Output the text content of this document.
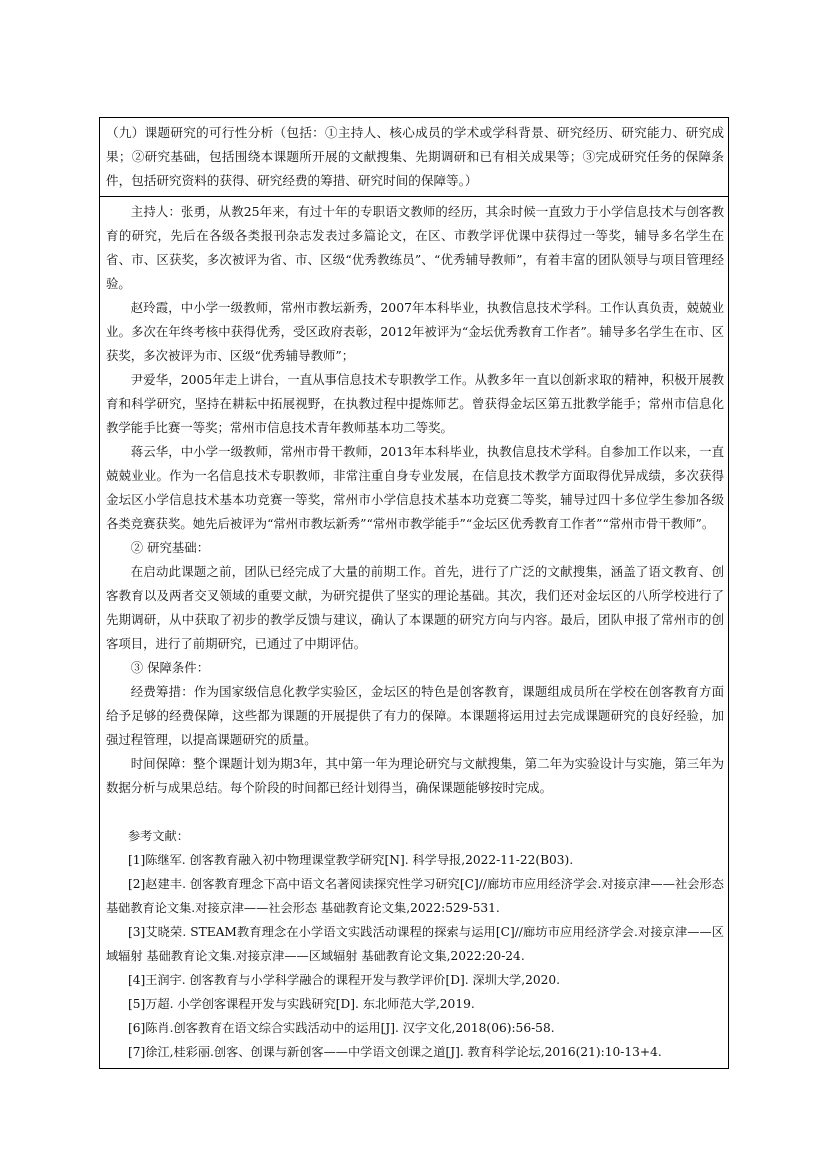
（九）课题研究的可行性分析（包括：①主持人、核心成员的学术或学科背景、研究经历、研究能力、研究成果；②研究基础，包括围绕本课题所开展的文献搜集、先期调研和已有相关成果等；③完成研究任务的保障条件，包括研究资料的获得、研究经费的筹措、研究时间的保障等。）

主持人：张勇，从教25年来，有过十年的专职语文教师的经历，其余时候一直致力于小学信息技术与创客教育的研究，先后在各级各类报刊杂志发表过多篇论文，在区、市教学评优课中获得过一等奖，辅导多名学生在省、市、区获奖，多次被评为省、市、区级“优秀教练员”、“优秀辅导教师”，有着丰富的团队领导与项目管理经验。

赵玲霞，中小学一级教师，常州市教坛新秀，2007年本科毕业，执教信息技术学科。工作认真负责，兢兢业业。多次在年终考核中获得优秀，受区政府表彰，2012年被评为“金坛优秀教育工作者”。辅导多名学生在市、区获奖，多次被评为市、区级“优秀辅导教师”；

尹爱华，2005年走上讲台，一直从事信息技术专职教学工作。从教多年一直以创新求取的精神，积极开展教育和科学研究，坚持在耕耘中拓展视野，在执教过程中提炼师艺。曾获得金坛区第五批教学能手；常州市信息化教学能手比赛一等奖；常州市信息技术青年教师基本功二等奖。

蒋云华，中小学一级教师，常州市骨干教师，2013年本科毕业，执教信息技术学科。自参加工作以来，一直兢兢业业。作为一名信息技术专职教师，非常注重自身专业发展，在信息技术教学方面取得优异成绩，多次获得金坛区小学信息技术基本功竞赛一等奖，常州市小学信息技术基本功竞赛二等奖，辅导过四十多位学生参加各级各类竞赛获奖。她先后被评为“常州市教坛新秀”“常州市教学能手”“金坛区优秀教育工作者”“常州市骨干教师”。

② 研究基础：

在启动此课题之前，团队已经完成了大量的前期工作。首先，进行了广泛的文献搜集，涵盖了语文教育、创客教育以及两者交叉领域的重要文献，为研究提供了坚实的理论基础。其次，我们还对金坛区的八所学校进行了先期调研，从中获取了初步的教学反馈与建议，确认了本课题的研究方向与内容。最后，团队申报了常州市的创客项目，进行了前期研究，已通过了中期评估。

③ 保障条件：

经费筹措：作为国家级信息化教学实验区，金坛区的特色是创客教育，课题组成员所在学校在创客教育方面给予足够的经费保障，这些都为课题的开展提供了有力的保障。本课题将运用过去完成课题研究的良好经验，加强过程管理，以提高课题研究的质量。

时间保障：整个课题计划为期3年，其中第一年为理论研究与文献搜集，第二年为实验设计与实施，第三年为数据分析与成果总结。每个阶段的时间都已经计划得当，确保课题能够按时完成。

参考文献：

[1]陈继军. 创客教育融入初中物理课堂教学研究[N]. 科学导报,2022-11-22(B03).

[2]赵建丰. 创客教育理念下高中语文名著阅读探究性学习研究[C]//廊坊市应用经济学会.对接京津——社会形态 基础教育论文集.对接京津——社会形态 基础教育论文集,2022:529-531.

[3]艾晓荣. STEAM教育理念在小学语文实践活动课程的探索与运用[C]//廊坊市应用经济学会.对接京津——区域辐射 基础教育论文集.对接京津——区域辐射 基础教育论文集,2022:20-24.

[4]王润宇. 创客教育与小学科学融合的课程开发与教学评价[D]. 深圳大学,2020.

[5]万超. 小学创客课程开发与实践研究[D]. 东北师范大学,2019.

[6]陈肖.创客教育在语文综合实践活动中的运用[J]. 汉字文化,2018(06):56-58.

[7]徐江,桂彩丽.创客、创课与新创客——中学语文创课之道[J]. 教育科学论坛,2016(21):10-13+4.
